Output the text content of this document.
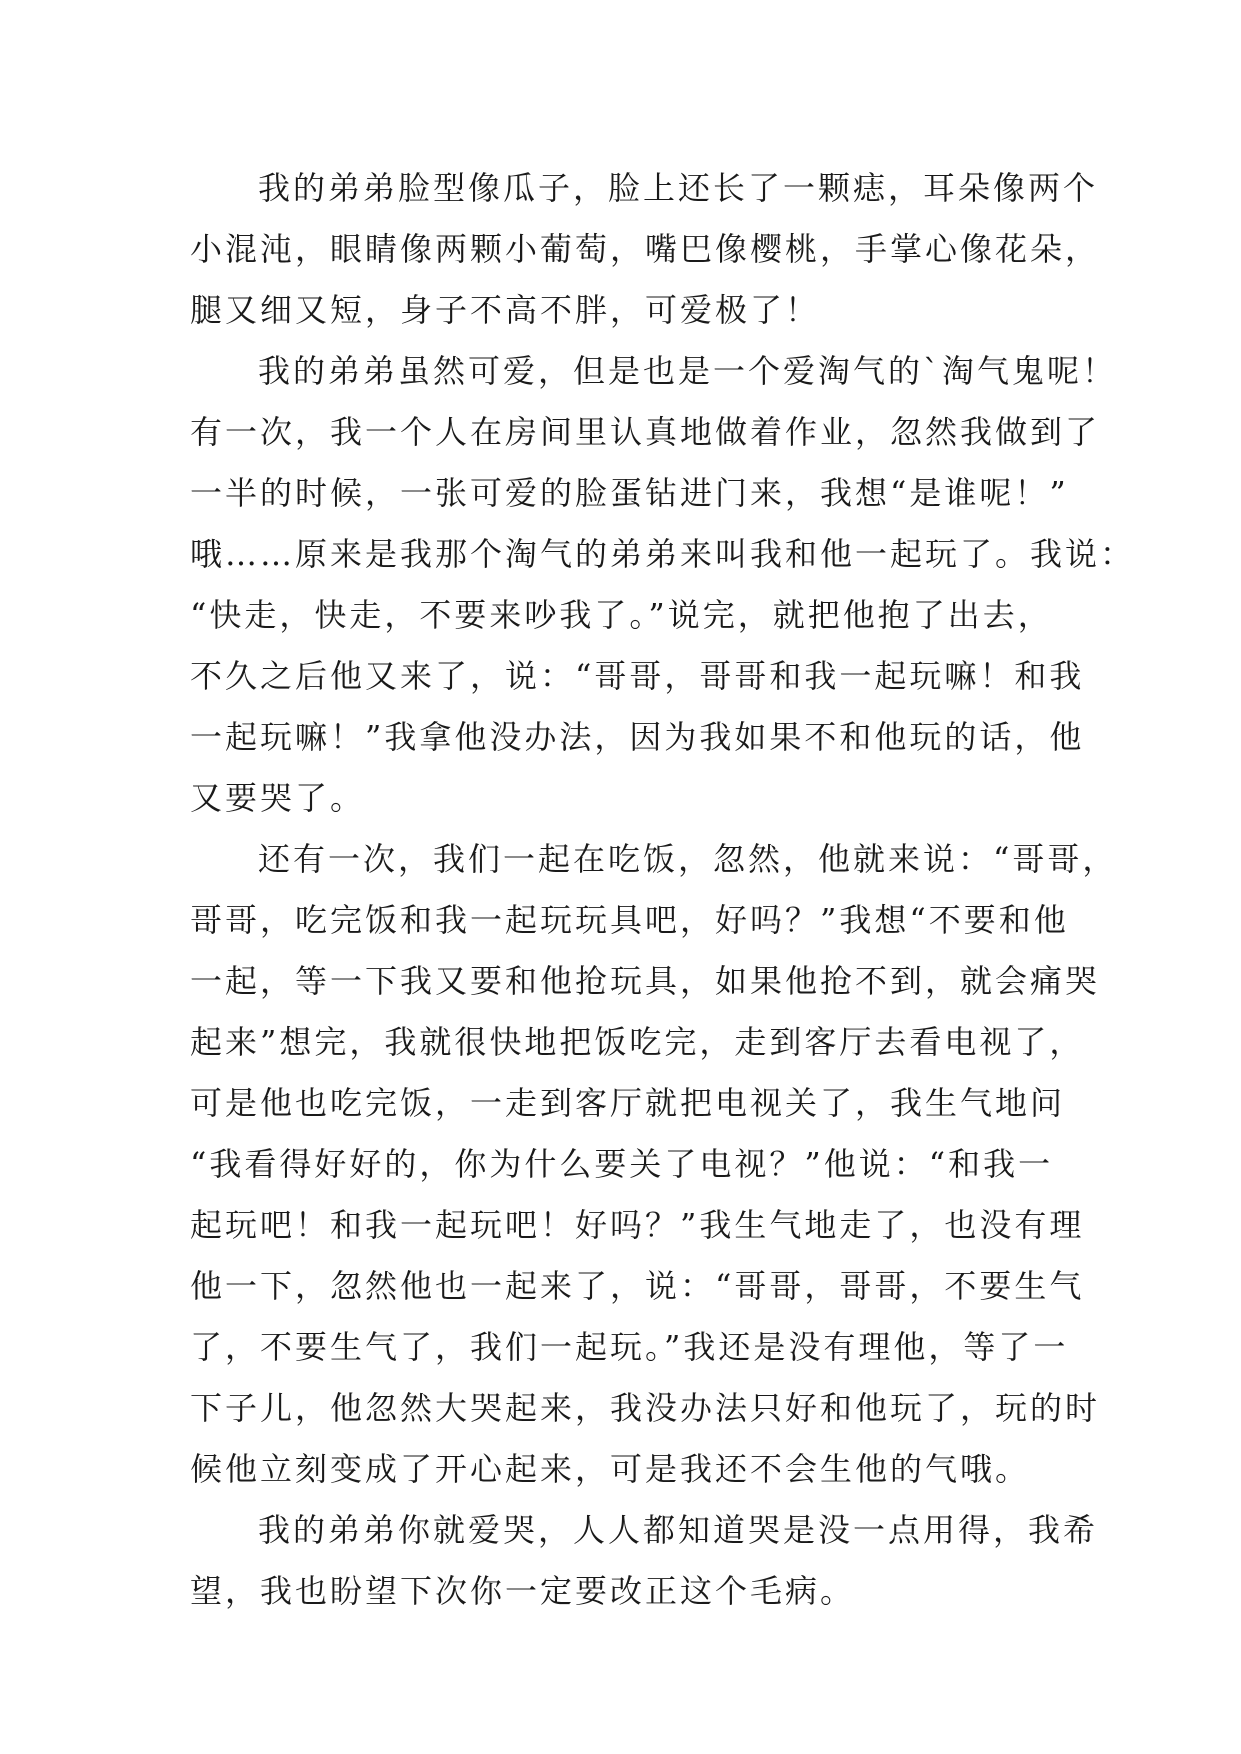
我的弟弟脸型像瓜子，脸上还长了一颗痣，耳朵像两个
小混沌，眼睛像两颗小葡萄，嘴巴像樱桃，手掌心像花朵，
腿又细又短，身子不高不胖，可爱极了！

我的弟弟虽然可爱，但是也是一个爱淘气的`淘气鬼呢！
有一次，我一个人在房间里认真地做着作业，忽然我做到了
一半的时候，一张可爱的脸蛋钻进门来，我想“是谁呢！”
哦……原来是我那个淘气的弟弟来叫我和他一起玩了。我说：
“快走，快走，不要来吵我了。”说完，就把他抱了出去，
不久之后他又来了，说：“哥哥，哥哥和我一起玩嘛！和我
一起玩嘛！”我拿他没办法，因为我如果不和他玩的话，他
又要哭了。

还有一次，我们一起在吃饭，忽然，他就来说：“哥哥，
哥哥，吃完饭和我一起玩玩具吧，好吗？”我想“不要和他
一起，等一下我又要和他抢玩具，如果他抢不到，就会痛哭
起来”想完，我就很快地把饭吃完，走到客厅去看电视了，
可是他也吃完饭，一走到客厅就把电视关了，我生气地问
“我看得好好的，你为什么要关了电视？”他说：“和我一
起玩吧！和我一起玩吧！好吗？”我生气地走了，也没有理
他一下，忽然他也一起来了，说：“哥哥，哥哥，不要生气
了，不要生气了，我们一起玩。”我还是没有理他，等了一
下子儿，他忽然大哭起来，我没办法只好和他玩了，玩的时
候他立刻变成了开心起来，可是我还不会生他的气哦。

我的弟弟你就爱哭，人人都知道哭是没一点用得，我希
望，我也盼望下次你一定要改正这个毛病。
